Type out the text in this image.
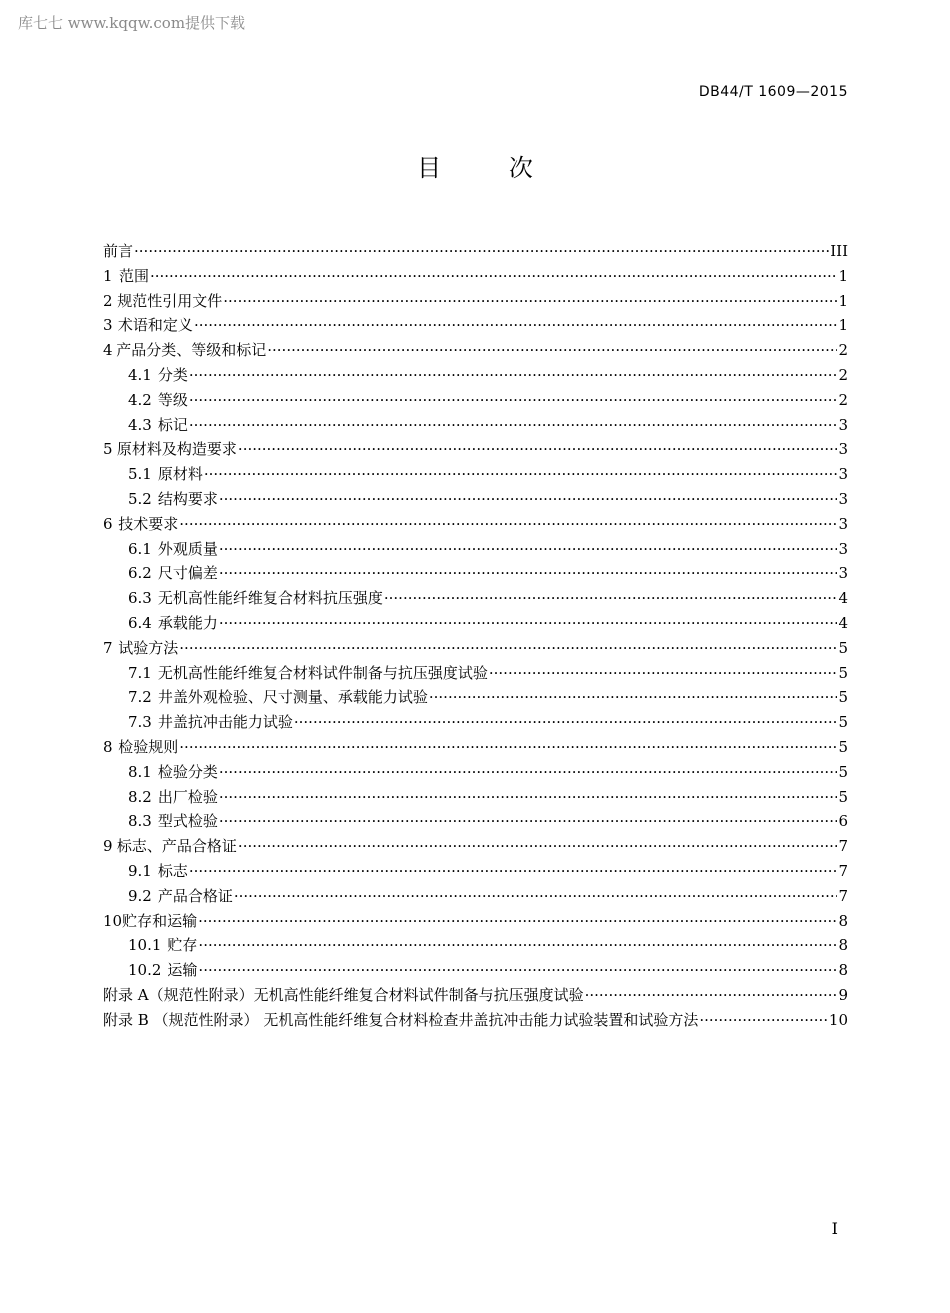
库七七 www.kqqw.com提供下载
DB44/T 1609—2015
目	次
前言 ·····	III
1 范围 ·····	1
2 规范性引用文件 ·····	1
3 术语和定义 ·····	1
4 产品分类、等级和标记 ·····	2
4.1 分类 ·····	2
4.2 等级 ·····	2
4.3 标记 ·····	3
5 原材料及构造要求 ·····	3
5.1 原材料 ·····	3
5.2 结构要求 ·····	3
6 技术要求 ·····	3
6.1 外观质量 ·····	3
6.2 尺寸偏差 ·····	3
6.3 无机高性能纤维复合材料抗压强度 ·····	4
6.4 承载能力 ·····	4
7 试验方法 ·····	5
7.1 无机高性能纤维复合材料试件制备与抗压强度试验 ·····	5
7.2 井盖外观检验、尺寸测量、承载能力试验 ·····	5
7.3 井盖抗冲击能力试验 ·····	5
8 检验规则 ·····	5
8.1 检验分类 ·····	5
8.2 出厂检验 ·····	5
8.3 型式检验 ·····	6
9 标志、产品合格证 ·····	7
9.1 标志 ·····	7
9.2 产品合格证 ·····	7
10 贮存和运输 ·····	8
10.1 贮存 ·····	8
10.2 运输 ·····	8
附录 A（规范性附录）无机高性能纤维复合材料试件制备与抗压强度试验 ·····	9
附录 B （规范性附录） 无机高性能纤维复合材料检查井盖抗冲击能力试验装置和试验方法 ·····	10
I
